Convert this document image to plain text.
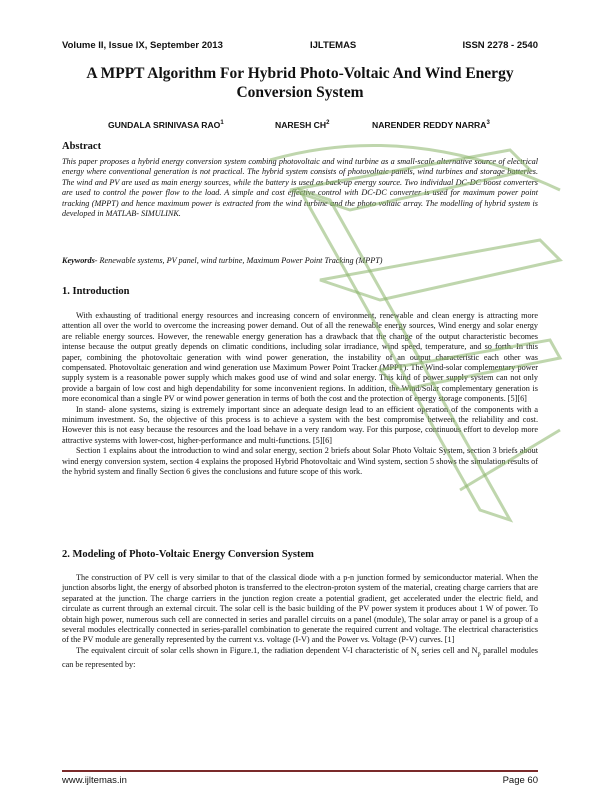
Volume II, Issue IX, September 2013	IJLTEMAS	ISSN 2278 - 2540
A MPPT Algorithm For Hybrid Photo-Voltaic And Wind Energy
Conversion System
GUNDALA SRINIVASA RAO$^1$	NARESH $CH^2$	NARENDER REDDY NARRA$^3$
Abstract
This paper proposes a hybrid energy conversion system combing photovoltaic and wind turbine as a small-scale alternative source of electrical energy where conventional generation is not practical. The hybrid system consists of photovoltaic panels, wind turbines and storage batteries. The wind and PV are used as main energy sources, while the battery is used as back-up energy source. Two individual DC-DC boost converters are used to control the power flow to the load. A simple and cost effective control with DC-DC converter is used for maximum power point tracking (MPPT) and hence maximum power is extracted from the wind turbine and the photo voltaic array. The modelling of hybrid system is developed in MATLAB- SIMULINK.
Keywords- Renewable systems, PV panel, wind turbine, Maximum Power Point Tracking (MPPT)
1. Introduction

With exhausting of traditional energy resources and increasing concern of environment, renewable and clean energy is attracting more attention all over the world to overcome the increasing power demand. Out of all the renewable energy sources, Wind energy and solar energy are reliable energy sources. However, the renewable energy generation has a drawback that the change of the output characteristic becomes intense because the output greatly depends on climatic conditions, including solar irradiance, wind speed, temperature, and so forth. In this paper, combining the photovoltaic generation with wind power generation, the instability of an output characteristic each other was compensated. Photovoltaic generation and wind generation use Maximum Power Point Tracker (MPPT). The Wind-solar complementary power supply system is a reasonable power supply which makes good use of wind and solar energy. This kind of power supply system can not only provide a bargain of low cost and high dependability for some inconvenient regions. In addition, the Wind/Solar complementary generation is more economical than a single PV or wind power generation in terms of both the cost and the protection of energy storage components. [5][6]

In stand- alone systems, sizing is extremely important since an adequate design lead to an efficient operation of the components with a minimum investment. So, the objective of this process is to achieve a system with the best compromise between the reliability and cost. However this is not easy because the resources and the load behave in a very random way. For this purpose, continuous effort to develop more attractive systems with lower-cost, higher-performance and multi-functions. [5][6]

Section 1 explains about the introduction to wind and solar energy, section 2 briefs about Solar Photo Voltaic System, section 3 briefs about wind energy conversion system, section 4 explains the proposed Hybrid Photovoltaic and Wind system, section 5 shows the simulation results of the hybrid system and finally Section 6 gives the conclusions and future scope of this work.

2. Modeling of Photo-Voltaic Energy Conversion System

The construction of PV cell is very similar to that of the classical diode with a p-n junction formed by semiconductor material. When the junction absorbs light, the energy of absorbed photon is transferred to the electron-proton system of the material, creating charge carriers that are separated at the junction. The charge carriers in the junction region create a potential gradient, get accelerated under the electric field, and circulate as current through an external circuit. The solar cell is the basic building of the PV power system it produces about 1 W of power. To obtain high power, numerous such cell are connected in series and parallel circuits on a panel (module), The solar array or panel is a group of a several modules electrically connected in series-parallel combination to generate the required current and voltage. The electrical characteristics of the PV module are generally represented by the current v.s. voltage (I-V) and the Power vs. Voltage (P-V) curves. [1]

The equivalent circuit of solar cells shown in Figure.1, the radiation dependent V-I characteristic of $N_s$ series cell and $N_p$ parallel modules can be represented by:

www.ijltemas.in	Page 60
